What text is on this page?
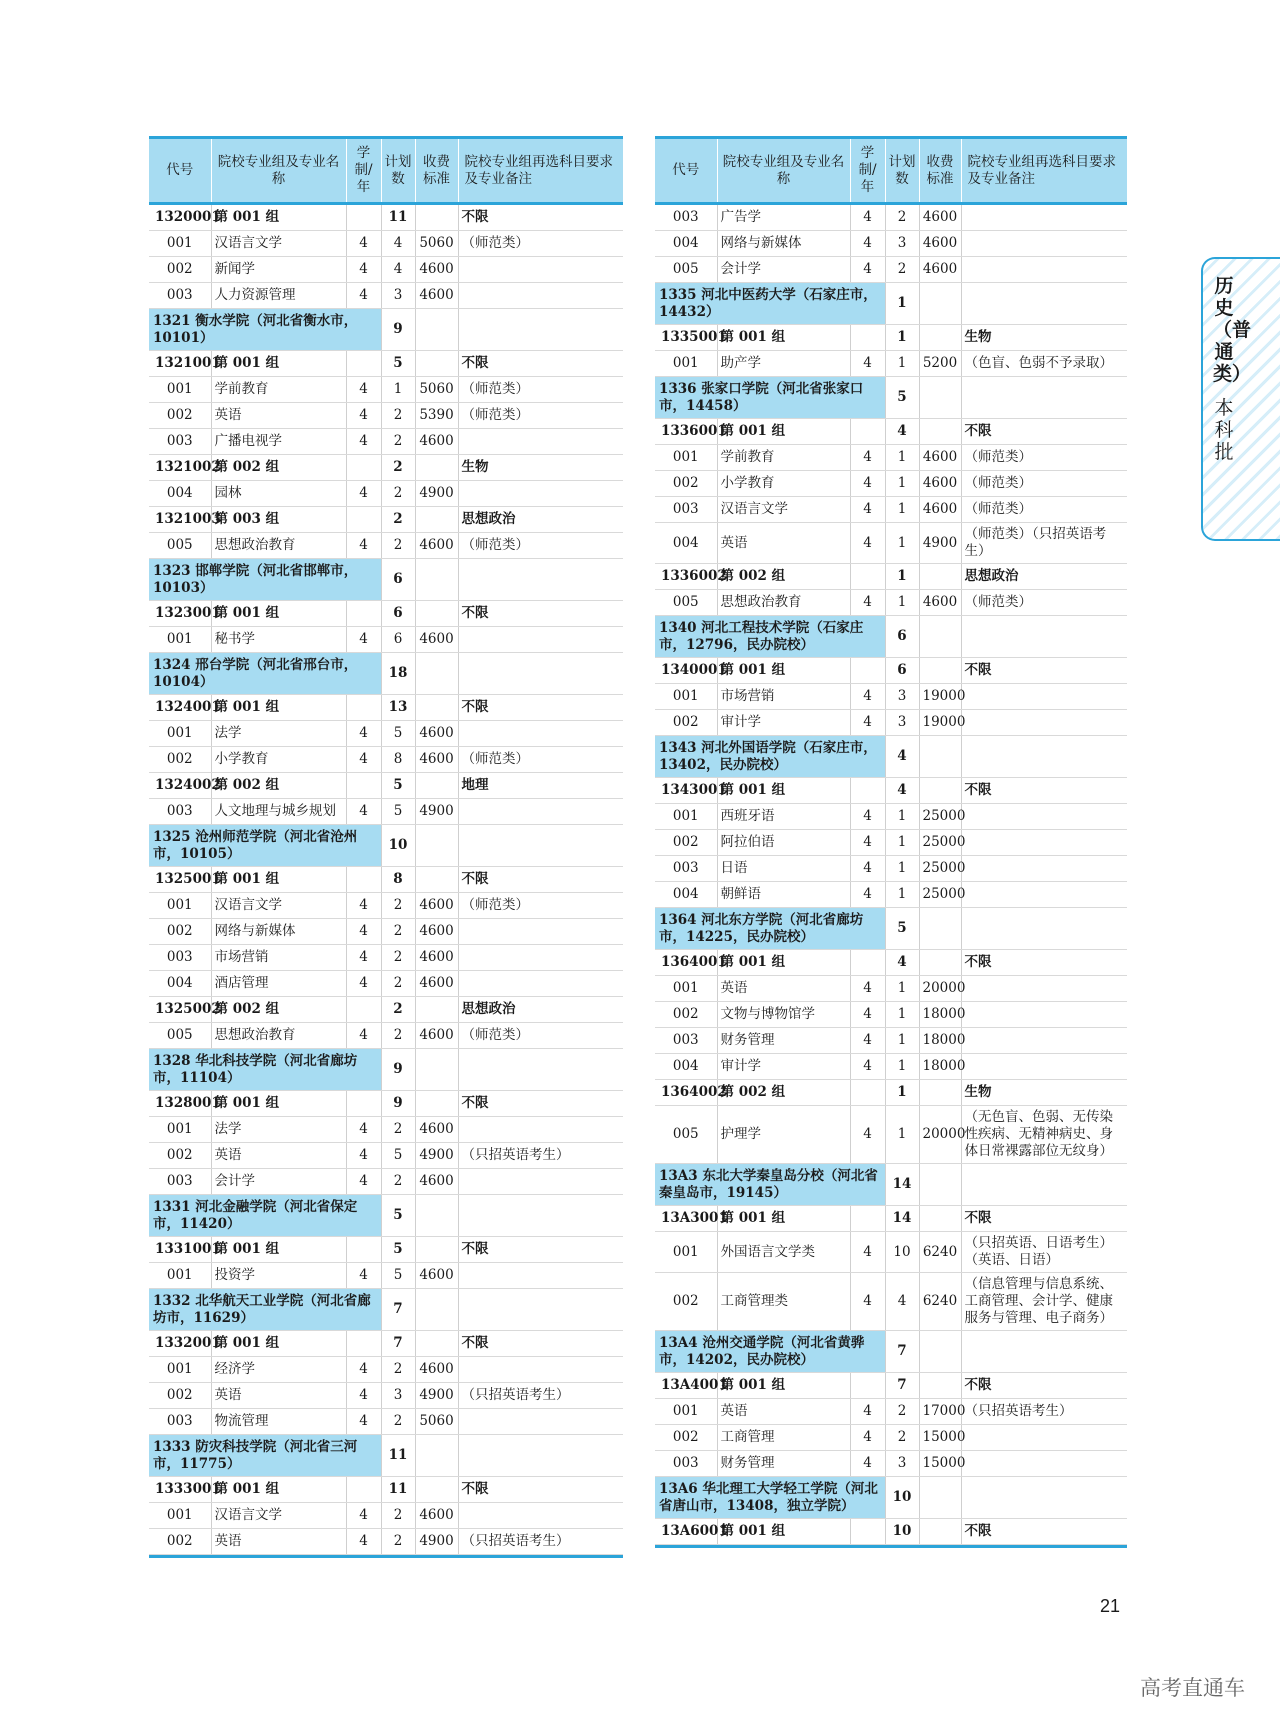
代号	院校专业组及专业名称	学制/年	计划数	收费标准	院校专业组再选科目要求及专业备注
1320001	第 001 组		11		不限
001	汉语言文学	4	4	5060	（师范类）
002	新闻学	4	4	4600	
003	人力资源管理	4	3	4600	
1321 衡水学院（河北省衡水市，10101）			9		
1321001	第 001 组		5		不限
001	学前教育	4	1	5060	（师范类）
002	英语	4	2	5390	（师范类）
003	广播电视学	4	2	4600	
1321002	第 002 组		2		生物
004	园林	4	2	4900	
1321003	第 003 组		2		思想政治
005	思想政治教育	4	2	4600	（师范类）
1323 邯郸学院（河北省邯郸市，10103）			6		
1323001	第 001 组		6		不限
001	秘书学	4	6	4600	
1324 邢台学院（河北省邢台市，10104）			18		
1324001	第 001 组		13		不限
001	法学	4	5	4600	
002	小学教育	4	8	4600	（师范类）
1324002	第 002 组		5		地理
003	人文地理与城乡规划	4	5	4900	
1325 沧州师范学院（河北省沧州市，10105）			10		
1325001	第 001 组		8		不限
001	汉语言文学	4	2	4600	（师范类）
002	网络与新媒体	4	2	4600	
003	市场营销	4	2	4600	
004	酒店管理	4	2	4600	
1325002	第 002 组		2		思想政治
005	思想政治教育	4	2	4600	（师范类）
1328 华北科技学院（河北省廊坊市，11104）			9		
1328001	第 001 组		9		不限
001	法学	4	2	4600	
002	英语	4	5	4900	（只招英语考生）
003	会计学	4	2	4600	
1331 河北金融学院（河北省保定市，11420）			5		
1331001	第 001 组		5		不限
001	投资学	4	5	4600	
1332 北华航天工业学院（河北省廊坊市，11629）			7		
1332001	第 001 组		7		不限
001	经济学	4	2	4600	
002	英语	4	3	4900	（只招英语考生）
003	物流管理	4	2	5060	
1333 防灾科技学院（河北省三河市，11775）			11		
1333001	第 001 组		11		不限
001	汉语言文学	4	2	4600	
002	英语	4	2	4900	（只招英语考生）
代号	院校专业组及专业名称	学制/年	计划数	收费标准	院校专业组再选科目要求及专业备注
003	广告学	4	2	4600	
004	网络与新媒体	4	3	4600	
005	会计学	4	2	4600	
1335 河北中医药大学（石家庄市，14432）			1		
1335001	第 001 组		1		生物
001	助产学	4	1	5200	（色盲、色弱不予录取）
1336 张家口学院（河北省张家口市，14458）			5		
1336001	第 001 组		4		不限
001	学前教育	4	1	4600	（师范类）
002	小学教育	4	1	4600	（师范类）
003	汉语言文学	4	1	4600	（师范类）
004	英语	4	1	4900	（师范类）（只招英语考生）
1336002	第 002 组		1		思想政治
005	思想政治教育	4	1	4600	（师范类）
1340 河北工程技术学院（石家庄市，12796，民办院校）			6		
1340001	第 001 组		6		不限
001	市场营销	4	3	19000	
002	审计学	4	3	19000	
1343 河北外国语学院（石家庄市，13402，民办院校）			4		
1343001	第 001 组		4		不限
001	西班牙语	4	1	25000	
002	阿拉伯语	4	1	25000	
003	日语	4	1	25000	
004	朝鲜语	4	1	25000	
1364 河北东方学院（河北省廊坊市，14225，民办院校）			5		
1364001	第 001 组		4		不限
001	英语	4	1	20000	
002	文物与博物馆学	4	1	18000	
003	财务管理	4	1	18000	
004	审计学	4	1	18000	
1364002	第 002 组		1		生物
005	护理学	4	1	20000	（无色盲、色弱、无传染性疾病、无精神病史、身体日常裸露部位无纹身）
13A3 东北大学秦皇岛分校（河北省秦皇岛市，19145）			14		
13A3001	第 001 组		14		不限
001	外国语言文学类	4	10	6240	（只招英语、日语考生）（英语、日语）
002	工商管理类	4	4	6240	（信息管理与信息系统、工商管理、会计学、健康服务与管理、电子商务）
13A4 沧州交通学院（河北省黄骅市，14202，民办院校）			7		
13A4001	第 001 组		7		不限
001	英语	4	2	17000	（只招英语考生）
002	工商管理	4	2	15000	
003	财务管理	4	3	15000	
13A6 华北理工大学轻工学院（河北省唐山市，13408，独立学院）			10		
13A6001	第 001 组		10		不限
历史（普通类）
本科批
21
高考直通车
